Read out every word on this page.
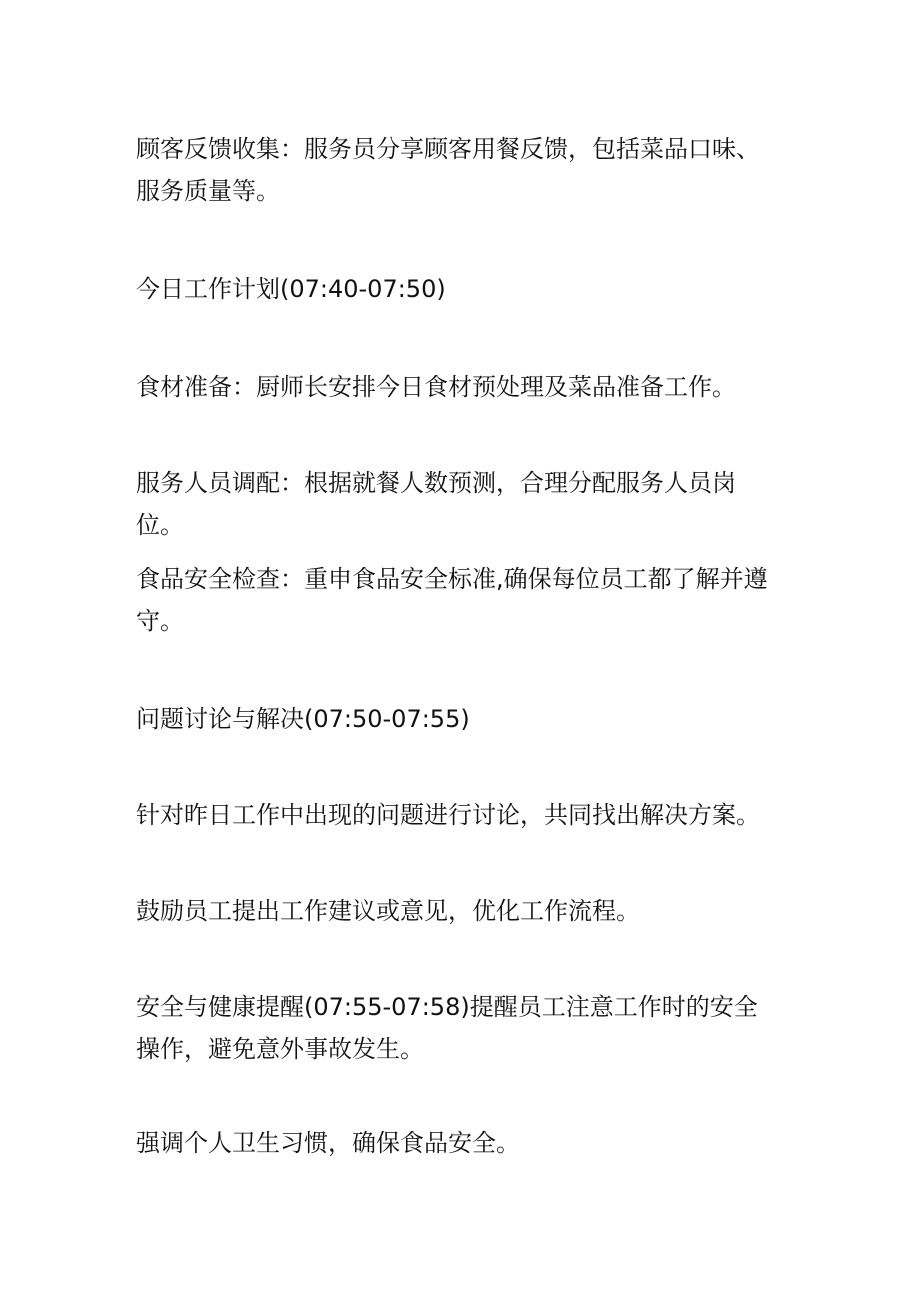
顾客反馈收集：服务员分享顾客用餐反馈，包括菜品口味、服务质量等。

今日工作计划(07:40-07:50)

食材准备：厨师长安排今日食材预处理及菜品准备工作。

服务人员调配：根据就餐人数预测，合理分配服务人员岗位。

食品安全检查：重申食品安全标准,确保每位员工都了解并遵守。

问题讨论与解决(07:50-07:55)

针对昨日工作中出现的问题进行讨论，共同找出解决方案。

鼓励员工提出工作建议或意见，优化工作流程。

安全与健康提醒(07:55-07:58)提醒员工注意工作时的安全操作，避免意外事故发生。

强调个人卫生习惯，确保食品安全。
